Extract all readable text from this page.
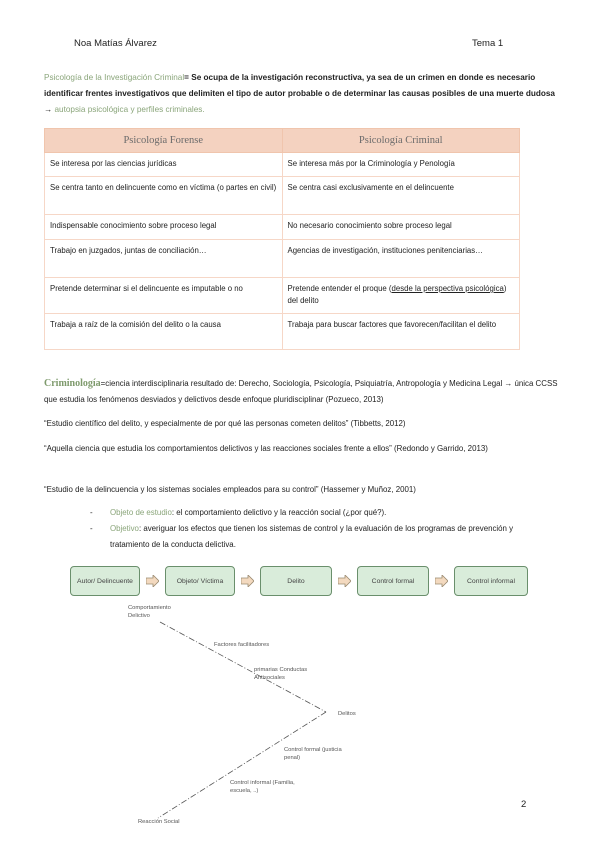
Noa Matías Álvarez	Tema 1
Psicología de la Investigación Criminal= Se ocupa de la investigación reconstructiva, ya sea de un crimen en donde es necesario identificar frentes investigativos que delimiten el tipo de autor probable o de determinar las causas posibles de una muerte dudosa → autopsia psicológica y perfiles criminales.
Psicología Forense	Psicología Criminal
Se interesa por las ciencias jurídicas	Se interesa más por la Criminología y Penología
Se centra tanto en delincuente como en víctima (o partes en civil)	Se centra casi exclusivamente en el delincuente
Indispensable conocimiento sobre proceso legal	No necesario conocimiento sobre proceso legal
Trabajo en juzgados, juntas de conciliación…	Agencias de investigación, instituciones penitenciarias…
Pretende determinar si el delincuente es imputable o no	Pretende entender el proque (desde la perspectiva psicológica) del delito
Trabaja a raíz de la comisión del delito o la causa	Trabaja para buscar factores que favorecen/facilitan el delito
Criminología=ciencia interdisciplinaria resultado de: Derecho, Sociología, Psicología, Psiquiatría, Antropología y Medicina Legal → única CCSS que estudia los fenómenos desviados y delictivos desde enfoque pluridisciplinar (Pozueco, 2013)
“Estudio científico del delito, y especialmente de por qué las personas cometen delitos” (Tibbetts, 2012)
“Aquella ciencia que estudia los comportamientos delictivos y las reacciones sociales frente a ellos” (Redondo y Garrido, 2013)
“Estudio de la delincuencia y los sistemas sociales empleados para su control” (Hassemer y Muñoz, 2001)
- Objeto de estudio: el comportamiento delictivo y la reacción social (¿por qué?).
- Objetivo: averiguar los efectos que tienen los sistemas de control y la evaluación de los programas de prevención y tratamiento de la conducta delictiva.
Autor/ Delincuente	Objeto/ Víctima	Delito	Control formal	Control informal
Comportamiento Delictivo
Factores facilitadores
primarias Conductas Antisociales
Delitos
Control formal (justicia penal)
Control informal (Familia, escuela, ..)
Reacción Social
2
